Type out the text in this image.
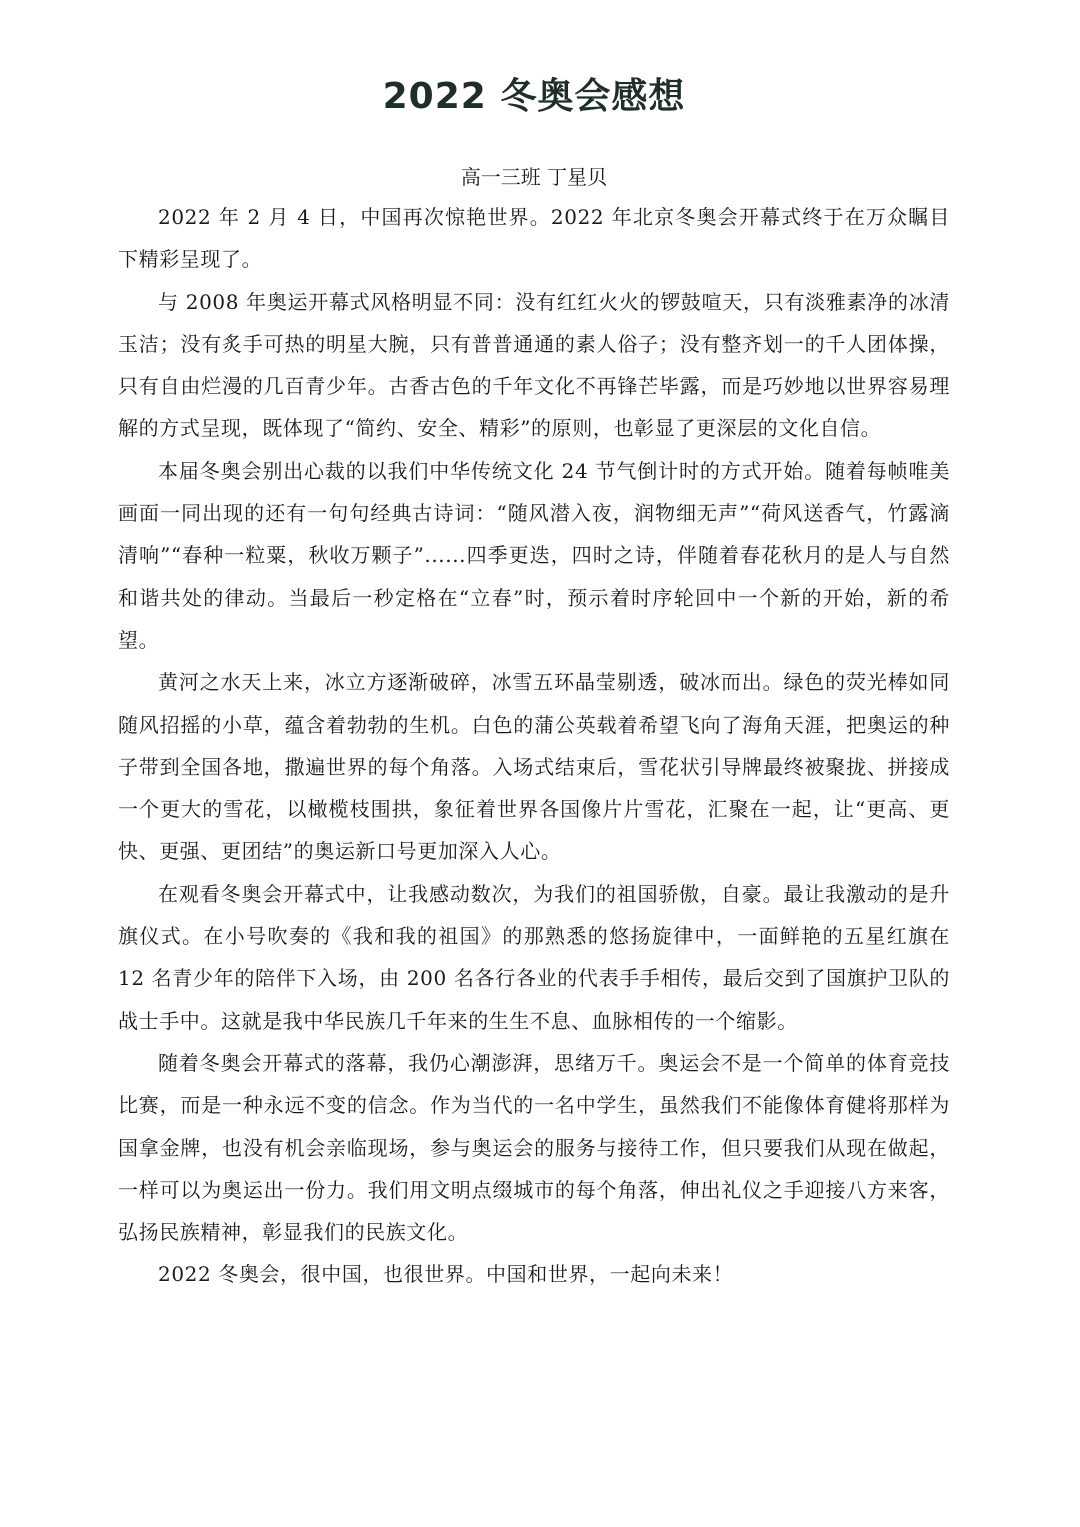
2022 冬奥会感想

高一三班 丁星贝

2022 年 2 月 4 日，中国再次惊艳世界。2022 年北京冬奥会开幕式终于在万众瞩目下精彩呈现了。

与 2008 年奥运开幕式风格明显不同：没有红红火火的锣鼓喧天，只有淡雅素净的冰清玉洁；没有炙手可热的明星大腕，只有普普通通的素人俗子；没有整齐划一的千人团体操，只有自由烂漫的几百青少年。古香古色的千年文化不再锋芒毕露，而是巧妙地以世界容易理解的方式呈现，既体现了“简约、安全、精彩”的原则，也彰显了更深层的文化自信。

本届冬奥会别出心裁的以我们中华传统文化 24 节气倒计时的方式开始。随着每帧唯美画面一同出现的还有一句句经典古诗词：“随风潜入夜，润物细无声”“荷风送香气，竹露滴清响”“春种一粒粟，秋收万颗子”......四季更迭，四时之诗，伴随着春花秋月的是人与自然和谐共处的律动。当最后一秒定格在“立春”时，预示着时序轮回中一个新的开始，新的希望。

黄河之水天上来，冰立方逐渐破碎，冰雪五环晶莹剔透，破冰而出。绿色的荧光棒如同随风招摇的小草，蕴含着勃勃的生机。白色的蒲公英载着希望飞向了海角天涯，把奥运的种子带到全国各地，撒遍世界的每个角落。入场式结束后，雪花状引导牌最终被聚拢、拼接成一个更大的雪花，以橄榄枝围拱，象征着世界各国像片片雪花，汇聚在一起，让“更高、更快、更强、更团结”的奥运新口号更加深入人心。

在观看冬奥会开幕式中，让我感动数次，为我们的祖国骄傲，自豪。最让我激动的是升旗仪式。在小号吹奏的《我和我的祖国》的那熟悉的悠扬旋律中，一面鲜艳的五星红旗在 12 名青少年的陪伴下入场，由 200 名各行各业的代表手手相传，最后交到了国旗护卫队的战士手中。这就是我中华民族几千年来的生生不息、血脉相传的一个缩影。

随着冬奥会开幕式的落幕，我仍心潮澎湃，思绪万千。奥运会不是一个简单的体育竞技比赛，而是一种永远不变的信念。作为当代的一名中学生，虽然我们不能像体育健将那样为国拿金牌，也没有机会亲临现场，参与奥运会的服务与接待工作，但只要我们从现在做起，一样可以为奥运出一份力。我们用文明点缀城市的每个角落，伸出礼仪之手迎接八方来客，弘扬民族精神，彰显我们的民族文化。

2022 冬奥会，很中国，也很世界。中国和世界，一起向未来！
